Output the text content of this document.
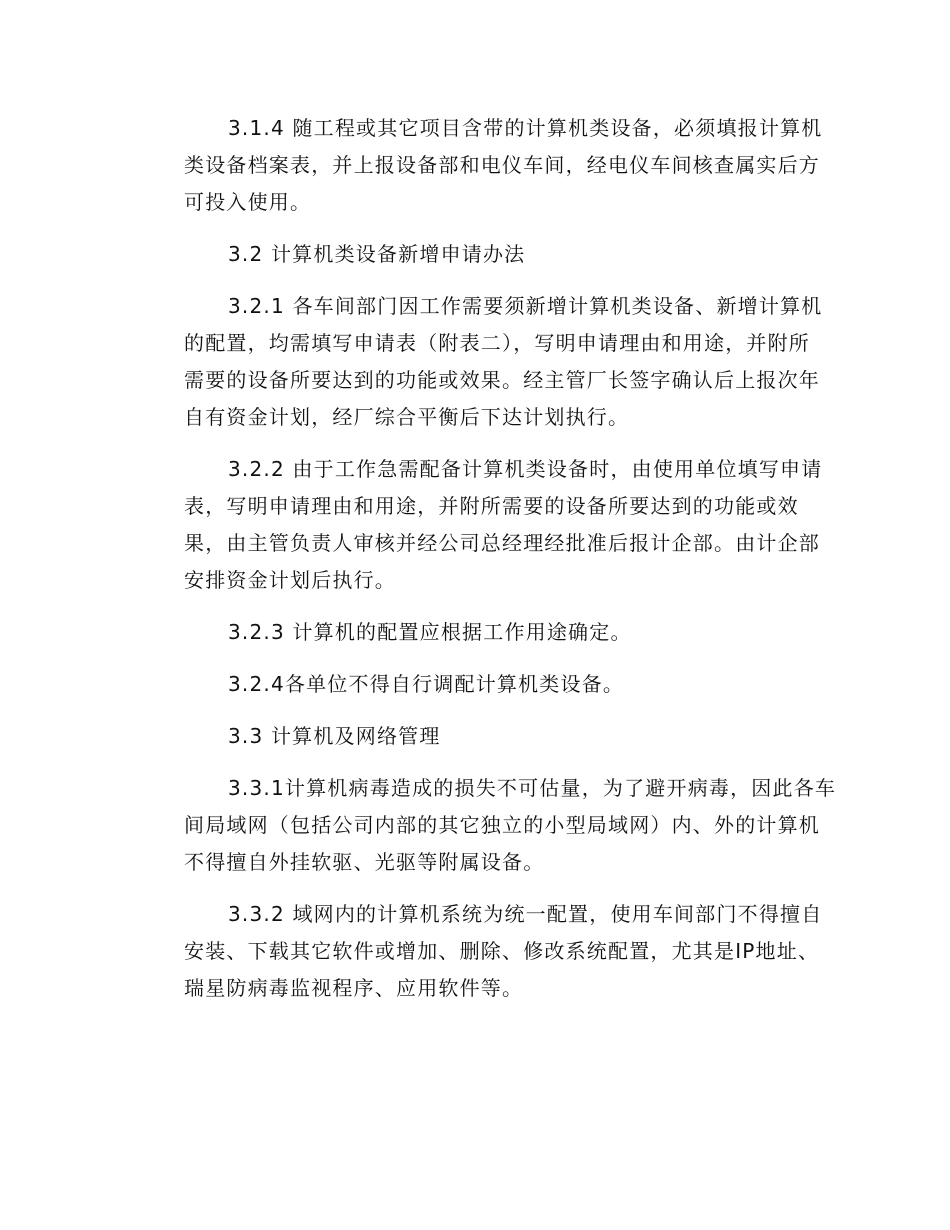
3.1.4 随工程或其它项目含带的计算机类设备，必须填报计算机
类设备档案表，并上报设备部和电仪车间，经电仪车间核查属实后方
可投入使用。
3.2 计算机类设备新增申请办法
3.2.1 各车间部门因工作需要须新增计算机类设备、新增计算机
的配置，均需填写申请表（附表二），写明申请理由和用途，并附所
需要的设备所要达到的功能或效果。经主管厂长签字确认后上报次年
自有资金计划，经厂综合平衡后下达计划执行。
3.2.2 由于工作急需配备计算机类设备时，由使用单位填写申请
表，写明申请理由和用途，并附所需要的设备所要达到的功能或效
果，由主管负责人审核并经公司总经理经批准后报计企部。由计企部
安排资金计划后执行。
3.2.3 计算机的配置应根据工作用途确定。
3.2.4各单位不得自行调配计算机类设备。
3.3 计算机及网络管理
3.3.1计算机病毒造成的损失不可估量，为了避开病毒，因此各车
间局域网（包括公司内部的其它独立的小型局域网）内、外的计算机
不得擅自外挂软驱、光驱等附属设备。
3.3.2 域网内的计算机系统为统一配置，使用车间部门不得擅自
安装、下载其它软件或增加、删除、修改系统配置，尤其是IP地址、
瑞星防病毒监视程序、应用软件等。
